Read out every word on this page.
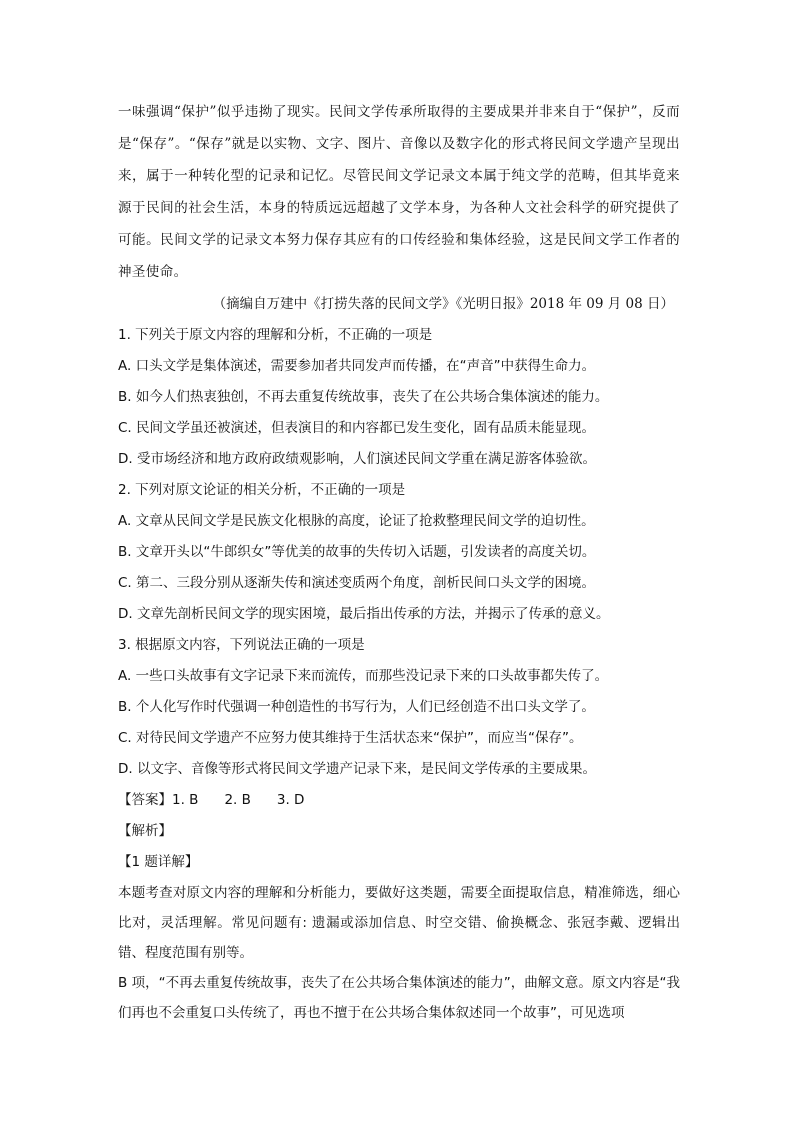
一味强调“保护”似乎违拗了现实。民间文学传承所取得的主要成果并非来自于“保护”，反而是“保存”。“保存”就是以实物、文字、图片、音像以及数字化的形式将民间文学遗产呈现出来，属于一种转化型的记录和记忆。尽管民间文学记录文本属于纯文学的范畴，但其毕竟来源于民间的社会生活，本身的特质远远超越了文学本身，为各种人文社会科学的研究提供了可能。民间文学的记录文本努力保存其应有的口传经验和集体经验，这是民间文学工作者的神圣使命。
（摘编自万建中《打捞失落的民间文学》《光明日报》2018 年 09 月 08 日）
1. 下列关于原文内容的理解和分析，不正确的一项是
A. 口头文学是集体演述，需要参加者共同发声而传播，在“声音”中获得生命力。
B. 如今人们热衷独创，不再去重复传统故事，丧失了在公共场合集体演述的能力。
C. 民间文学虽还被演述，但表演目的和内容都已发生变化，固有品质未能显现。
D. 受市场经济和地方政府政绩观影响，人们演述民间文学重在满足游客体验欲。
2. 下列对原文论证的相关分析，不正确的一项是
A. 文章从民间文学是民族文化根脉的高度，论证了抢救整理民间文学的迫切性。
B. 文章开头以“牛郎织女”等优美的故事的失传切入话题，引发读者的高度关切。
C. 第二、三段分别从逐渐失传和演述变质两个角度，剖析民间口头文学的困境。
D. 文章先剖析民间文学的现实困境，最后指出传承的方法，并揭示了传承的意义。
3. 根据原文内容，下列说法正确的一项是
A. 一些口头故事有文字记录下来而流传，而那些没记录下来的口头故事都失传了。
B. 个人化写作时代强调一种创造性的书写行为，人们已经创造不出口头文学了。
C. 对待民间文学遗产不应努力使其维持于生活状态来“保护”，而应当“保存”。
D. 以文字、音像等形式将民间文学遗产记录下来，是民间文学传承的主要成果。
【答案】1. B 2. B 3. D
【解析】
【1 题详解】
本题考查对原文内容的理解和分析能力，要做好这类题，需要全面提取信息，精准筛选，细心比对，灵活理解。常见问题有: 遗漏或添加信息、时空交错、偷换概念、张冠李戴、逻辑出错、程度范围有别等。
B 项，“不再去重复传统故事，丧失了在公共场合集体演述的能力”，曲解文意。原文内容是“我们再也不会重复口头传统了，再也不擅于在公共场合集体叙述同一个故事”，可见选项
